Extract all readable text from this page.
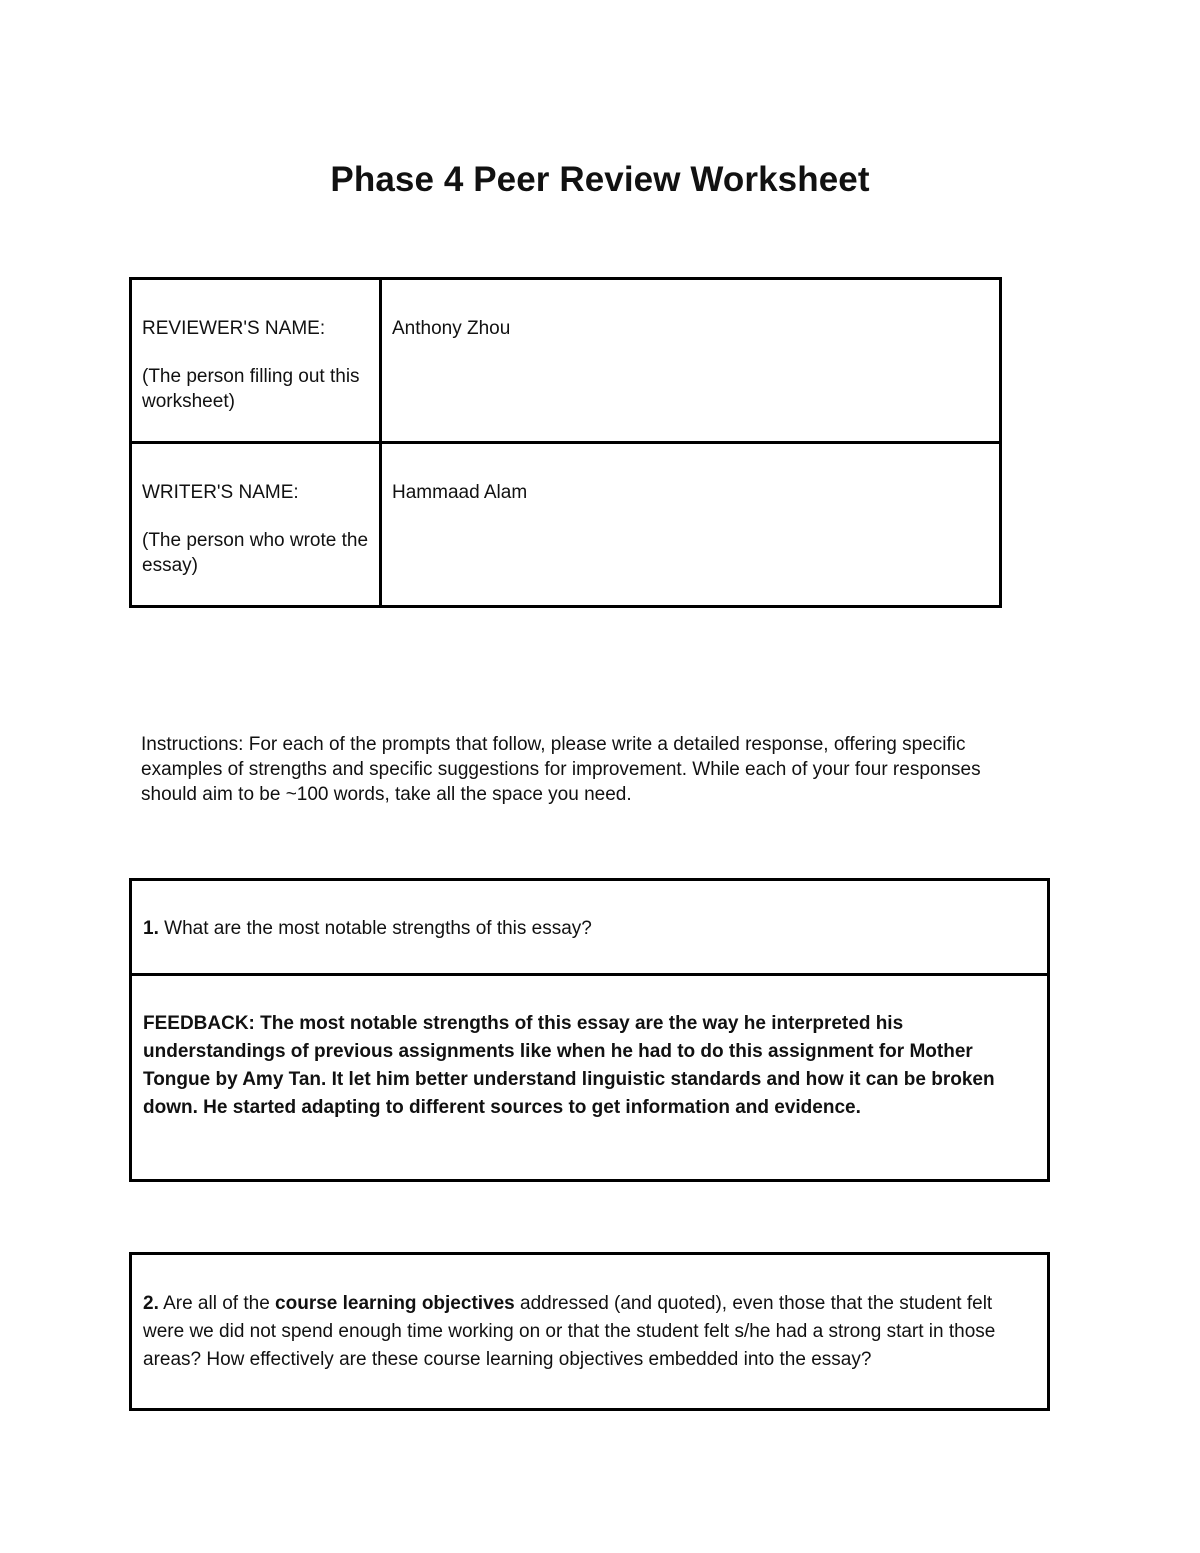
Phase 4 Peer Review Worksheet

REVIEWER'S NAME:

(The person filling out this worksheet)	Anthony Zhou

WRITER'S NAME:

(The person who wrote the essay)	Hammaad Alam

Instructions: For each of the prompts that follow, please write a detailed response, offering specific examples of strengths and specific suggestions for improvement. While each of your four responses should aim to be ~100 words, take all the space you need.

1. What are the most notable strengths of this essay?
FEEDBACK: The most notable strengths of this essay are the way he interpreted his understandings of previous assignments like when he had to do this assignment for Mother Tongue by Amy Tan. It let him better understand linguistic standards and how it can be broken down. He started adapting to different sources to get information and evidence.
2. Are all of the course learning objectives addressed (and quoted), even those that the student felt were we did not spend enough time working on or that the student felt s/he had a strong start in those areas? How effectively are these course learning objectives embedded into the essay?
